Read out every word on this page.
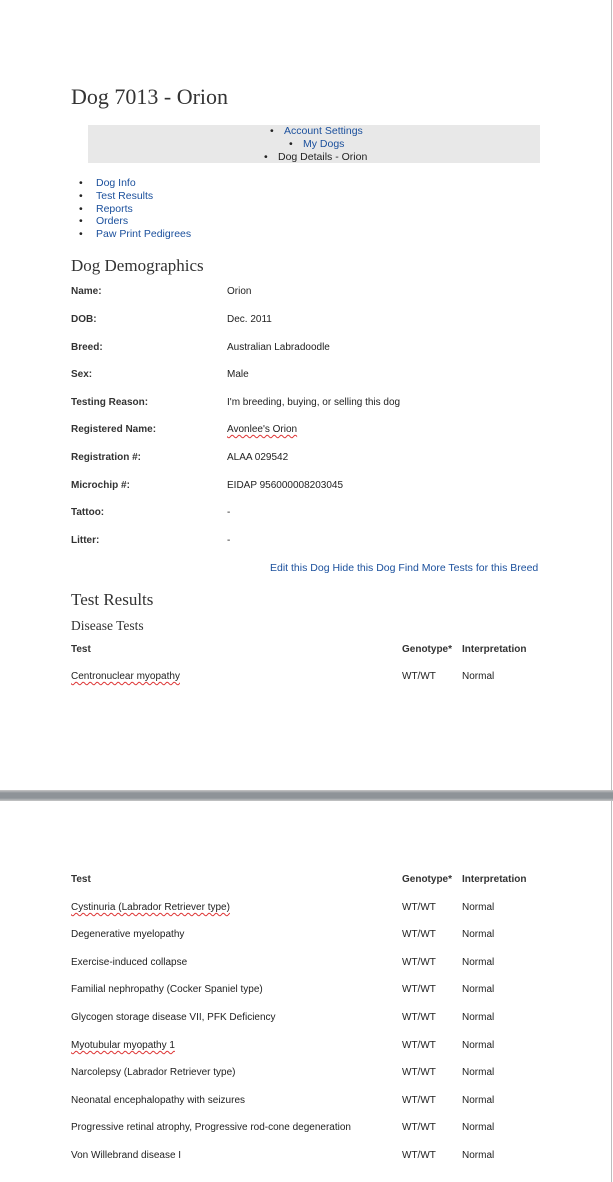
Dog 7013 - Orion
• Account Settings
• My Dogs
• Dog Details - Orion
• Dog Info
• Test Results
• Reports
• Orders
• Paw Print Pedigrees
Dog Demographics
Name:	Orion
DOB:	Dec. 2011
Breed:	Australian Labradoodle
Sex:	Male
Testing Reason:	I'm breeding, buying, or selling this dog
Registered Name:	Avonlee's Orion
Registration #:	ALAA 029542
Microchip #:	EIDAP 956000008203045
Tattoo:	-
Litter:	-
Edit this Dog Hide this Dog Find More Tests for this Breed
Test Results
Disease Tests
Test	Genotype* Interpretation
Centronuclear myopathy	WT/WT	Normal
Test	Genotype* Interpretation
Cystinuria (Labrador Retriever type)	WT/WT	Normal
Degenerative myelopathy	WT/WT	Normal
Exercise-induced collapse	WT/WT	Normal
Familial nephropathy (Cocker Spaniel type)	WT/WT	Normal
Glycogen storage disease VII, PFK Deficiency	WT/WT	Normal
Myotubular myopathy 1	WT/WT	Normal
Narcolepsy (Labrador Retriever type)	WT/WT	Normal
Neonatal encephalopathy with seizures	WT/WT	Normal
Progressive retinal atrophy, Progressive rod-cone degeneration	WT/WT	Normal
Von Willebrand disease I	WT/WT	Normal
